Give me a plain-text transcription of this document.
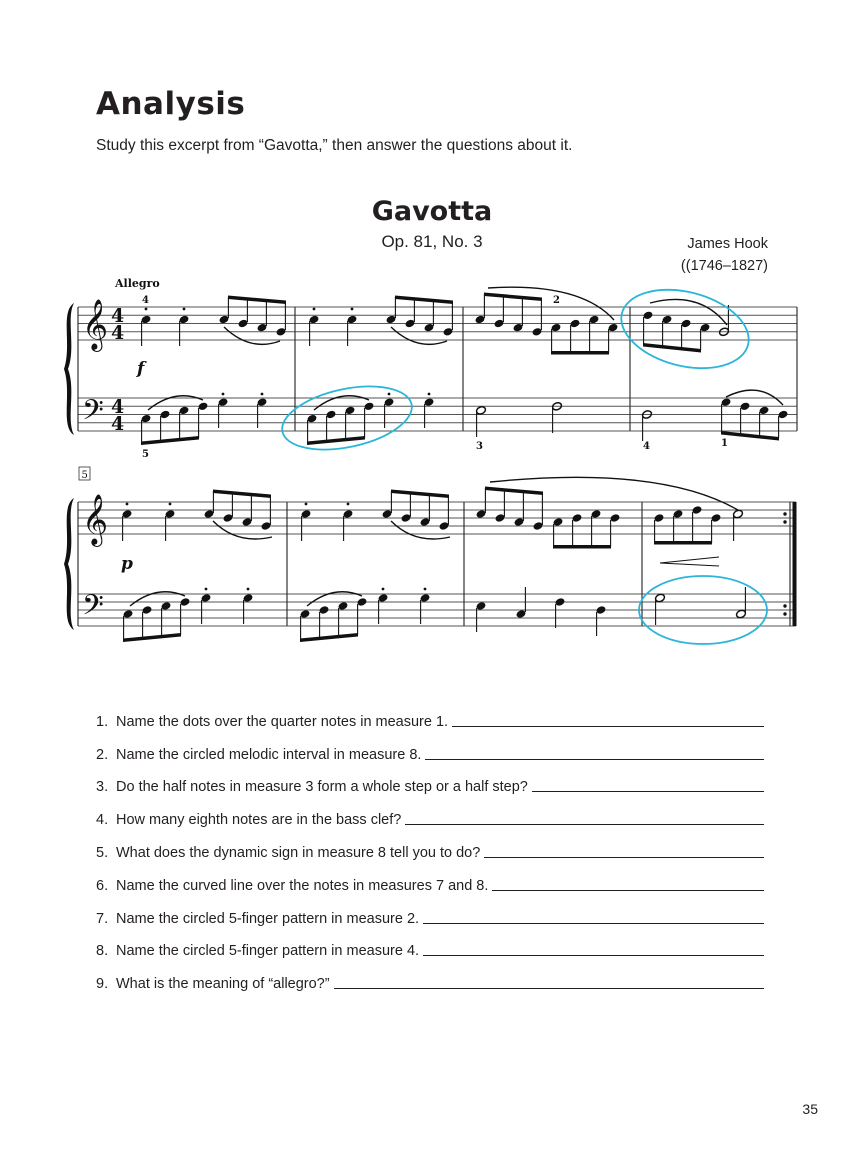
Analysis

Study this excerpt from “Gavotta,” then answer the questions about it.

Gavotta
Op. 81, No. 3	James Hook
((1746–1827)
𝄞
𝄢
4
4
4
4
Allegro
f
4
5
2
3	4	1
5
𝄞
𝄢
p
1. Name the dots over the quarter notes in measure 1.
2. Name the circled melodic interval in measure 8.
3. Do the half notes in measure 3 form a whole step or a half step?
4. How many eighth notes are in the bass clef?
5. What does the dynamic sign in measure 8 tell you to do?
6. Name the curved line over the notes in measures 7 and 8.
7. Name the circled 5-finger pattern in measure 2.
8. Name the circled 5-finger pattern in measure 4.
9. What is the meaning of “allegro?”
35
